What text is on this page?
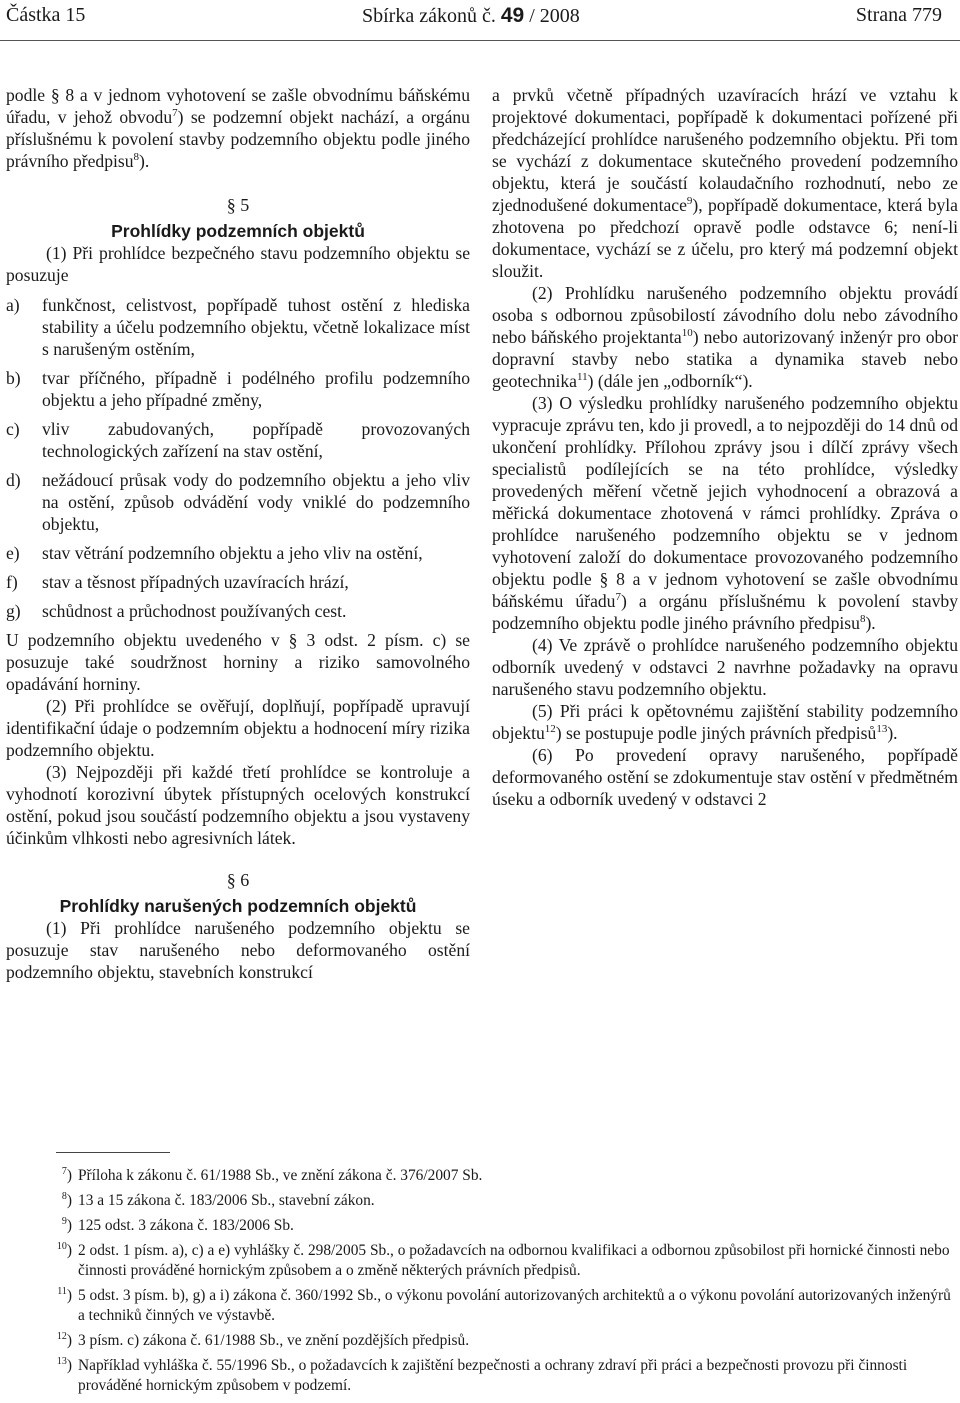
Částka 15	Sbírka zákonů č. 49 / 2008	Strana 779

podle § 8 a v jednom vyhotovení se zašle obvodnímu báňskému úřadu, v jehož obvodu$^7$) se podzemní objekt nachází, a orgánu příslušnému k povolení stavby podzemního objektu podle jiného právního předpisu$^8$).

§ 5
Prohlídky podzemních objektů

(1) Při prohlídce bezpečného stavu podzemního objektu se posuzuje

a)	funkčnost, celistvost, popřípadě tuhost ostění z hlediska stability a účelu podzemního objektu, včetně lokalizace míst s narušeným ostěním,
b)	tvar příčného, případně i podélného profilu podzemního objektu a jeho případné změny,
c)	vliv zabudovaných, popřípadě provozovaných technologických zařízení na stav ostění,
d)	nežádoucí průsak vody do podzemního objektu a jeho vliv na ostění, způsob odvádění vody vniklé do podzemního objektu,
e)	stav větrání podzemního objektu a jeho vliv na ostění,
f)	stav a těsnost případných uzavíracích hrází,
g)	schůdnost a průchodnost používaných cest.

U podzemního objektu uvedeného v § 3 odst. 2 písm. c) se posuzuje také soudržnost horniny a riziko samovolného opadávání horniny.

(2) Při prohlídce se ověřují, doplňují, popřípadě upravují identifikační údaje o podzemním objektu a hodnocení míry rizika podzemního objektu.

(3) Nejpozději při každé třetí prohlídce se kontroluje a vyhodnotí korozivní úbytek přístupných ocelových konstrukcí ostění, pokud jsou součástí podzemního objektu a jsou vystaveny účinkům vlhkosti nebo agresivních látek.

§ 6
Prohlídky narušených podzemních objektů

(1) Při prohlídce narušeného podzemního objektu se posuzuje stav narušeného nebo deformovaného ostění podzemního objektu, stavebních konstrukcí

a prvků včetně případných uzavíracích hrází ve vztahu k projektové dokumentaci, popřípadě k dokumentaci pořízené při předcházející prohlídce narušeného podzemního objektu. Při tom se vychází z dokumentace skutečného provedení podzemního objektu, která je součástí kolaudačního rozhodnutí, nebo ze zjednodušené dokumentace$^9$), popřípadě dokumentace, která byla zhotovena po předchozí opravě podle odstavce 6; není-li dokumentace, vychází se z účelu, pro který má podzemní objekt sloužit.

(2) Prohlídku narušeného podzemního objektu provádí osoba s odbornou způsobilostí závodního dolu nebo závodního nebo báňského projektanta$^{10}$) nebo autorizovaný inženýr pro obor dopravní stavby nebo statika a dynamika staveb nebo geotechnika$^{11}$) (dále jen „odborník“).

(3) O výsledku prohlídky narušeného podzemního objektu vypracuje zprávu ten, kdo ji provedl, a to nejpozději do 14 dnů od ukončení prohlídky. Přílohou zprávy jsou i dílčí zprávy všech specialistů podílejících se na této prohlídce, výsledky provedených měření včetně jejich vyhodnocení a obrazová a měřická dokumentace zhotovená v rámci prohlídky. Zpráva o prohlídce narušeného podzemního objektu se v jednom vyhotovení založí do dokumentace provozovaného podzemního objektu podle § 8 a v jednom vyhotovení se zašle obvodnímu báňskému úřadu$^7$) a orgánu příslušnému k povolení stavby podzemního objektu podle jiného právního předpisu$^8$).

(4) Ve zprávě o prohlídce narušeného podzemního objektu odborník uvedený v odstavci 2 navrhne požadavky na opravu narušeného stavu podzemního objektu.

(5) Při práci k opětovnému zajištění stability podzemního objektu$^{12}$) se postupuje podle jiných právních předpisů$^{13}$).

(6) Po provedení opravy narušeného, popřípadě deformovaného ostění se zdokumentuje stav ostění v předmětném úseku a odborník uvedený v odstavci 2

$^7$) Příloha k zákonu č. 61/1988 Sb., ve znění zákona č. 376/2007 Sb.
$^8$) 13 a 15 zákona č. 183/2006 Sb., stavební zákon.
$^9$) 125 odst. 3 zákona č. 183/2006 Sb.
$^{10}$) 2 odst. 1 písm. a), c) a e) vyhlášky č. 298/2005 Sb., o požadavcích na odbornou kvalifikaci a odbornou způsobilost při hornické činnosti nebo činnosti prováděné hornickým způsobem a o změně některých právních předpisů.
$^{11}$) 5 odst. 3 písm. b), g) a i) zákona č. 360/1992 Sb., o výkonu povolání autorizovaných architektů a o výkonu povolání autorizovaných inženýrů a techniků činných ve výstavbě.
$^{12}$) 3 písm. c) zákona č. 61/1988 Sb., ve znění pozdějších předpisů.
$^{13}$) Například vyhláška č. 55/1996 Sb., o požadavcích k zajištění bezpečnosti a ochrany zdraví při práci a bezpečnosti provozu při činnosti prováděné hornickým způsobem v podzemí.
